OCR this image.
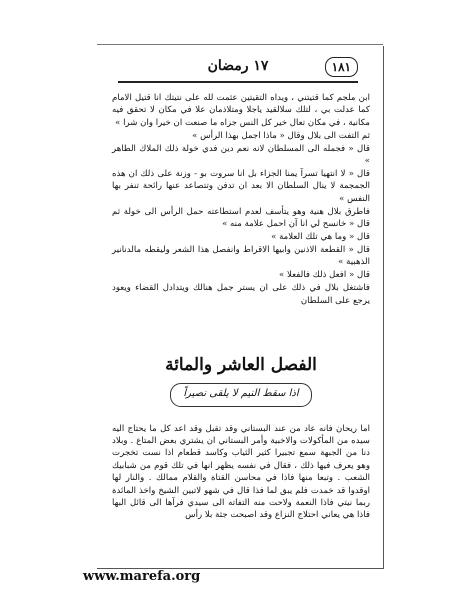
١٨١
١٧ رمضان

ابن ملجم كما قتيتني ، ويداه التقيتين عثمت لله على نتيتك انا قتيل الامام كما عدلت بي ، لتلك سلالقيد ياجلا ومتلاذمان علا في مكان لا تحقق فيه مكانية ، في مكان تعال خير كل النس جزاه ما صنعت ان خيرا وان شرا »

ثم التفت الى بلال وقال « ماذا اجمل بهذا الرأس »

قال « فجمله الى المسلطان لانه نعم دين فدي خولة ذلك الملاك الطاهر »

قال « لا انتهيا تسرآ يمنا الجزاء بل انا سروت بو - وزنة على ذلك ان هذه الجمجمة لا ينال السلطان الا بعد ان تدفن وتتصاعد عنها رائحة تنفر بها النفس »

فاطرق بلال هنية وهو يتأسف لعدم استطاعته حمل الرأس الى خولة ثم قال « خانسح لي انا آن احمل علامة منه »

قال « وما هي تلك العلامة »

قال « القطعة الاذنين وابيها الاقراط وانفصل هذا الشعر وليقطه مالدنانير الذهبية »

قال « افعل ذلك فالفعلا »

فاشتغل بلال في ذلك على ان يستر جمل هنالك ويتدادل القضاء ويعود يرجع على السلطان

الفصل العاشر والمائة
اذا سقط النيم لا يلقى نصيراً

اما ريحان فانه عاد من عند البستاني وقد تقبل وقد اعد كل ما يحتاج اليه سيده من المأكولات والاخبية وأمر البستاني ان يشتري بعض المتاع . وبلاد دنا من الجبهة سمع تجبيرا كثير الثياب وكاسد قطعام اذا نست تخجرت وهو يعرف فيها ذلك ، فقال في نفسه يظهر انها في تلك قوم من شبابيك الشعب . وتبعا منها فاذا في محاسن القتاة والقلام ممالك . والنار لها اوقدوا قد خمدت فلم يبق لما فذا قال في شهو لاتبين الشيخ واخذ المائدة ربما نيتي فاذا النعمة ولاحت منه التفاته الى سيدي فرآها الى قائل البها فاذا هي يعاني احتلاج النزاع وقد اصبحت جثة بلا رأس

www.marefa.org
